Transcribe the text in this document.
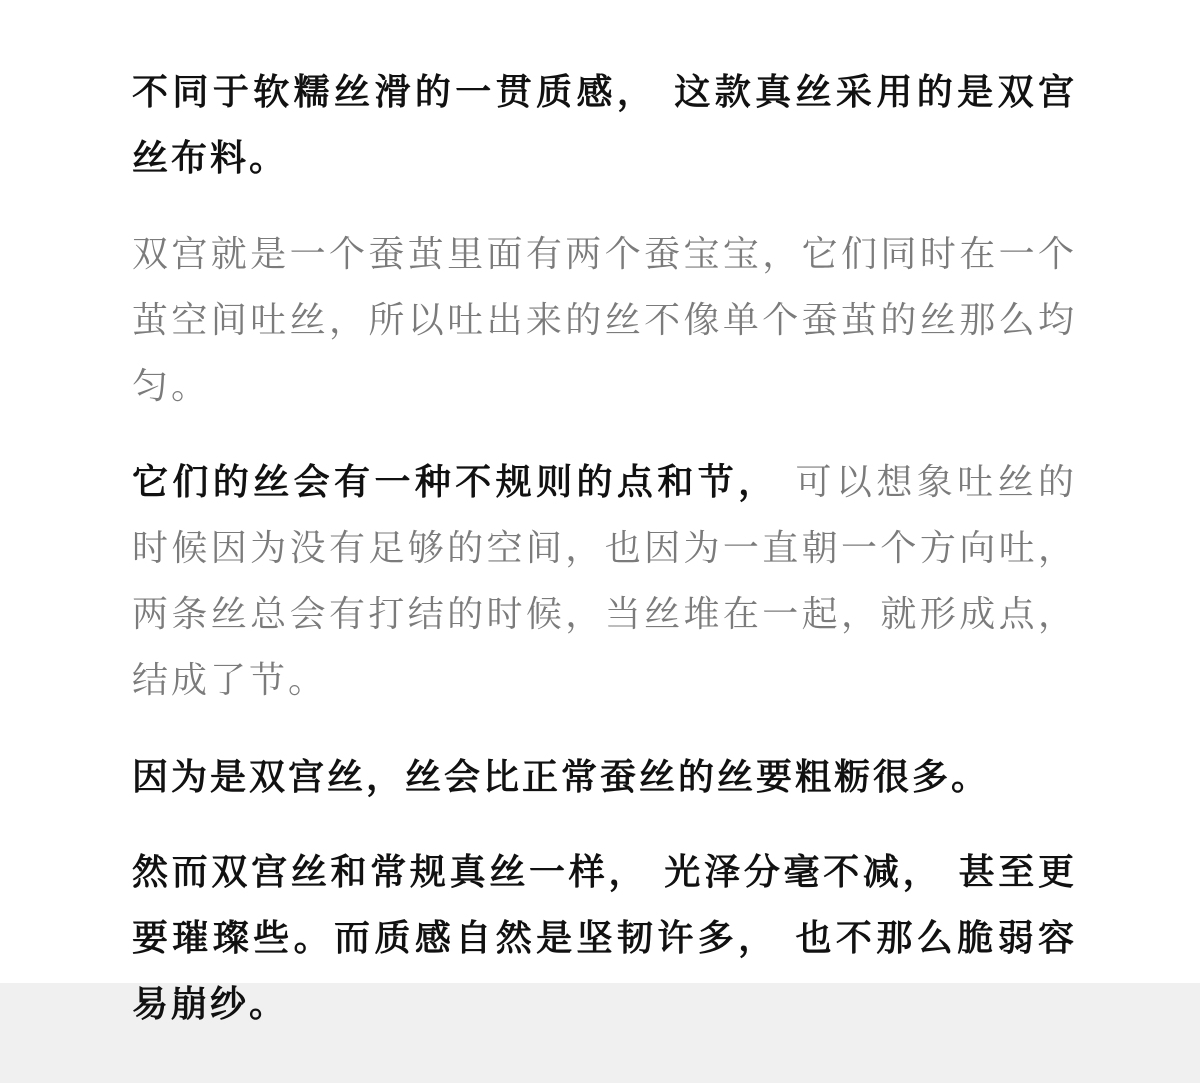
不同于软糯丝滑的一贯质感， 这款真丝采用的是双宫丝布料。

双宫就是一个蚕茧里面有两个蚕宝宝，它们同时在一个茧空间吐丝，所以吐出来的丝不像单个蚕茧的丝那么均匀。

它们的丝会有一种不规则的点和节， 可以想象吐丝的时候因为没有足够的空间，也因为一直朝一个方向吐，两条丝总会有打结的时候，当丝堆在一起，就形成点，结成了节。

因为是双宫丝，丝会比正常蚕丝的丝要粗粝很多。

然而双宫丝和常规真丝一样， 光泽分毫不减， 甚至更要璀璨些。而质感自然是坚韧许多， 也不那么脆弱容易崩纱。
